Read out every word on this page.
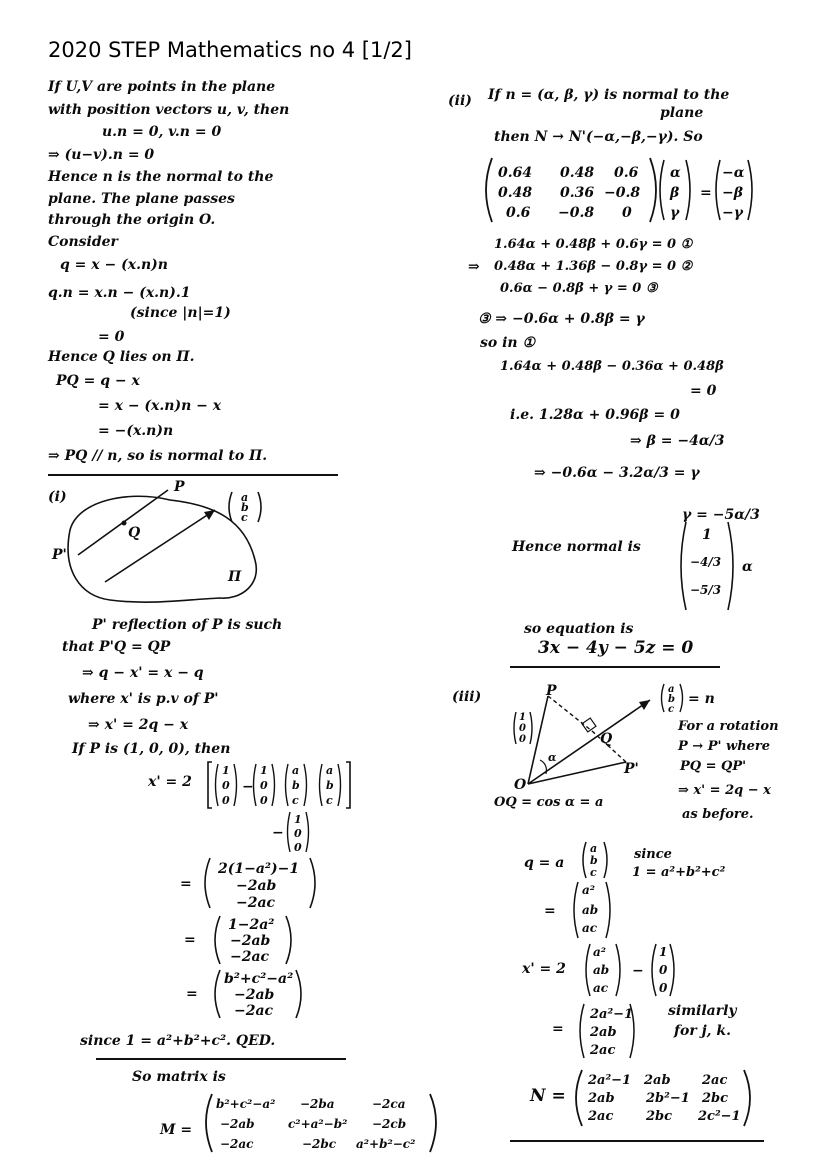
2020 STEP Mathematics no 4 [1/2]
If U,V are points in the plane
with position vectors u, v, then
u.n = 0, v.n = 0
⇒ (u−v).n = 0
Hence n is the normal to the
plane. The plane passes
through the origin O.
Consider
q = x − (x.n)n
q.n = x.n − (x.n).1
(since |n|=1)
= 0
Hence Q lies on Π.
PQ = q − x
= x − (x.n)n − x
= −(x.n)n
⇒ PQ // n, so is normal to Π.
(i)
P
Q
P'
Π
a
b
c
P' reflection of P is such
that P'Q = QP
⇒ q − x' = x − q
where x' is p.v of P'
⇒ x' = 2q − x
If P is (1, 0, 0), then
x' = 2
1
0
0
−
1
0
0
a
b
c
a
b
c
−
1
0
0
=
2(1−a²)−1
−2ab
−2ac
=
1−2a²
−2ab
−2ac
=
b²+c²−a²
−2ab
−2ac
since 1 = a²+b²+c². QED.
So matrix is
M =
b²+c²−a² −2ba	−2ca
−2ab	c²+a²−b² −2cb
−2ac	−2bc a²+b²−c²
(ii) If n = (α, β, γ) is normal to the
plane
then N → N'(−α,−β,−γ). So
0.64 0.48 0.6
0.48 0.36 −0.8
0.6 −0.8 0
α
β
γ
=
−α
−β
−γ
⇒
1.64α + 0.48β + 0.6γ = 0 ①
0.48α + 1.36β − 0.8γ = 0 ②
0.6α − 0.8β + γ = 0 ③
③ ⇒ −0.6α + 0.8β = γ
so in ①
1.64α + 0.48β − 0.36α + 0.48β
= 0
i.e. 1.28α + 0.96β = 0
⇒ β = −4α/3
⇒ −0.6α − 3.2α/3 = γ
γ = −5α/3
Hence normal is
1
−4/3
−5/3
α
so equation is
3x − 4y − 5z = 0
(iii)	P
Q
O
P'
α
1
0
0
a
b
c
= n
OQ = cos α = a
For a rotation
P → P' where
PQ = QP'
⇒ x' = 2q − x
as before.
q = a
a
b
c
since
1 = a²+b²+c²
=
a²
ab
ac
x' = 2
a²
ab
ac
−
1
0
0
=
2a²−1
2ab
2ac
similarly
for j, k.
N =
2a²−1 2ab 2ac
2ab 2b²−1 2bc
2ac	2bc 2c²−1
